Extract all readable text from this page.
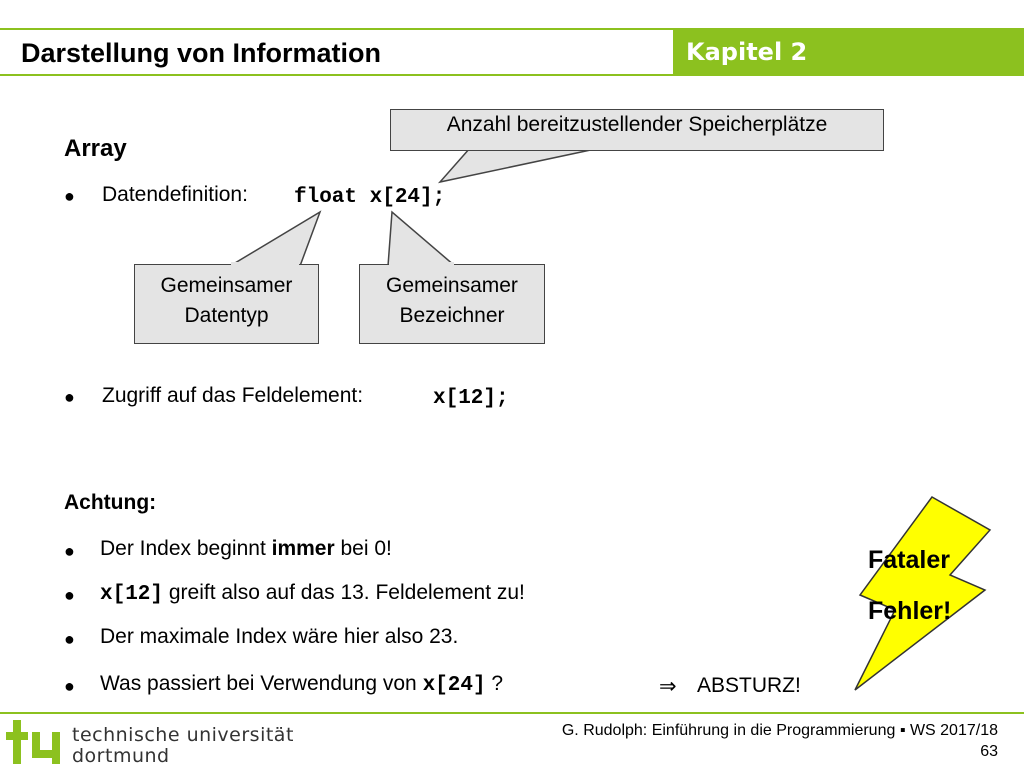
Darstellung von Information	Kapitel 2
Anzahl bereitzustellender Speicherplätze
Array
● Datendefinition: float x[24];
Gemeinsamer
Datentyp
Gemeinsamer
Bezeichner
● Zugriff auf das Feldelement:	x[12];
Achtung:
● Der Index beginnt immer bei 0!
● x[12] greift also auf das 13. Feldelement zu!
● Der maximale Index wäre hier also 23.
● Was passiert bei Verwendung von x[24] ?	⇒ ABSTURZ!
Fataler
Fehler!
technische universität
dortmund
G. Rudolph: Einführung in die Programmierung ▪ WS 2017/18
63
